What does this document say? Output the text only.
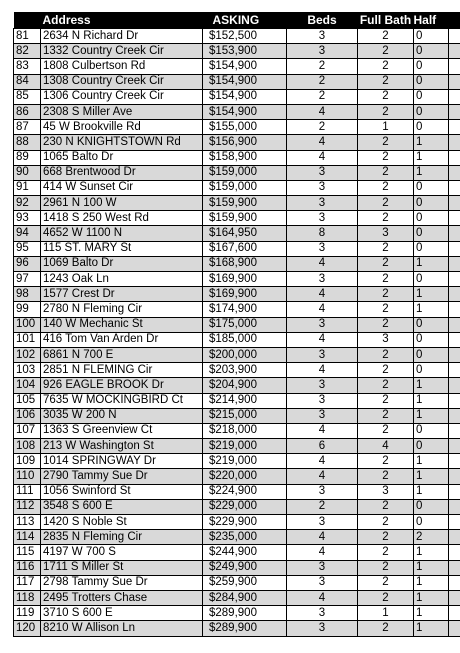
	Address	ASKING	Beds	Full Bath	Half	
81	2634 N Richard Dr	$152,500	3	2	0	
82	1332 Country Creek Cir	$153,900	3	2	0	
83	1808 Culbertson Rd	$154,900	2	2	0	
84	1308 Country Creek Cir	$154,900	2	2	0	
85	1306 Country Creek Cir	$154,900	2	2	0	
86	2308 S Miller Ave	$154,900	4	2	0	
87	45 W Brookville Rd	$155,000	2	1	0	
88	230 N KNIGHTSTOWN Rd	$156,900	4	2	1	
89	1065 Balto Dr	$158,900	4	2	1	
90	668 Brentwood Dr	$159,000	3	2	1	
91	414 W Sunset Cir	$159,000	3	2	0	
92	2961 N 100 W	$159,900	3	2	0	
93	1418 S 250 West Rd	$159,900	3	2	0	
94	4652 W 1100 N	$164,950	8	3	0	
95	115 ST. MARY St	$167,600	3	2	0	
96	1069 Balto Dr	$168,900	4	2	1	
97	1243 Oak Ln	$169,900	3	2	0	
98	1577 Crest Dr	$169,900	4	2	1	
99	2780 N Fleming Cir	$174,900	4	2	1	
100	140 W Mechanic St	$175,000	3	2	0	
101	416 Tom Van Arden Dr	$185,000	4	3	0	
102	6861 N 700 E	$200,000	3	2	0	
103	2851 N FLEMING Cir	$203,900	4	2	0	
104	926 EAGLE BROOK Dr	$204,900	3	2	1	
105	7635 W MOCKINGBIRD Ct	$214,900	3	2	1	
106	3035 W 200 N	$215,000	3	2	1	
107	1363 S Greenview Ct	$218,000	4	2	0	
108	213 W Washington St	$219,000	6	4	0	
109	1014 SPRINGWAY Dr	$219,000	4	2	1	
110	2790 Tammy Sue Dr	$220,000	4	2	1	
111	1056 Swinford St	$224,900	3	3	1	
112	3548 S 600 E	$229,000	2	2	0	
113	1420 S Noble St	$229,900	3	2	0	
114	2835 N Fleming Cir	$235,000	4	2	2	
115	4197 W 700 S	$244,900	4	2	1	
116	1711 S Miller St	$249,900	3	2	1	
117	2798 Tammy Sue Dr	$259,900	3	2	1	
118	2495 Trotters Chase	$284,900	4	2	1	
119	3710 S 600 E	$289,900	3	1	1	
120	8210 W Allison Ln	$289,900	3	2	1	
